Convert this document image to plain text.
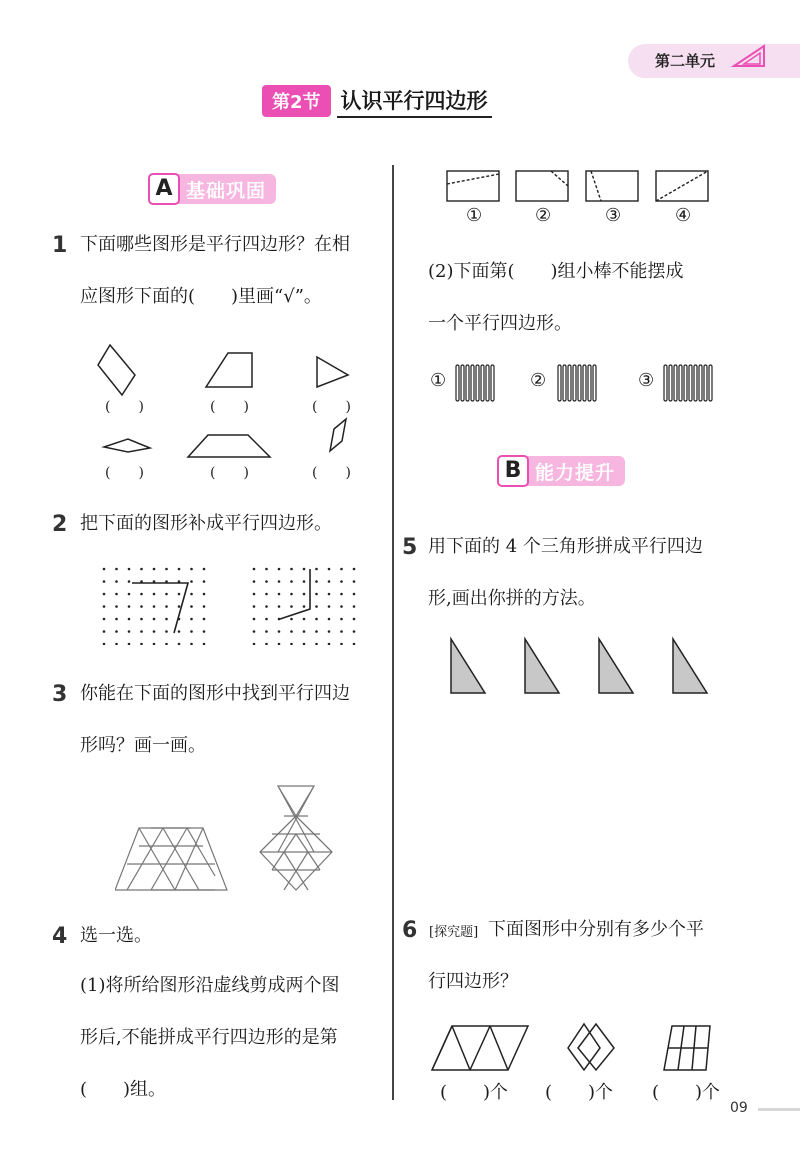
第二单元
第2节 认识平行四边形
A 基础巩固
1 下面哪些图形是平行四边形？在相
应图形下面的(　　)里画“√”。
(　　)	(　　)	(　　)
(　　)	(　　)	(　　)
2 把下面的图形补成平行四边形。
3 你能在下面的图形中找到平行四边
形吗？画一画。
4 选一选。
(1)将所给图形沿虚线剪成两个图
形后,不能拼成平行四边形的是第
(　　)组。
①	②	③	④
(2)下面第(　　)组小棒不能摆成
一个平行四边形。
①	②	③
B 能力提升
5 用下面的 4 个三角形拼成平行四边
形,画出你拼的方法。
6 [探究题] 下面图形中分别有多少个平
行四边形？
(　　)个 (　　)个 (　　)个
09
